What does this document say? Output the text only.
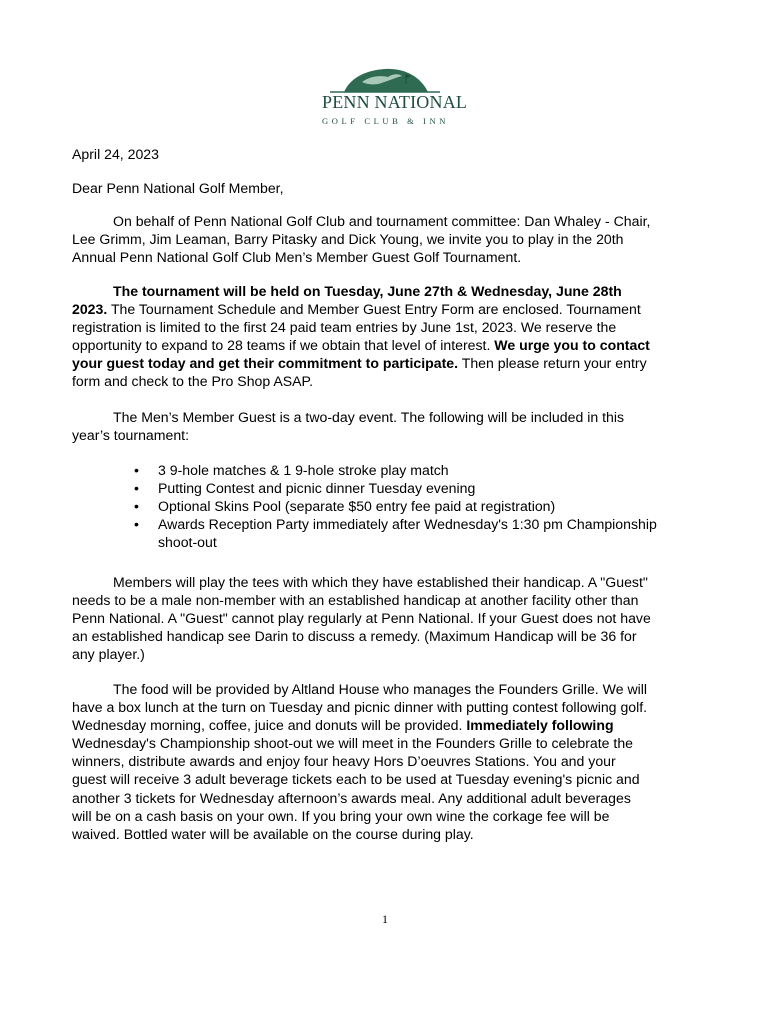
PENN NATIONAL
GOLF CLUB & INN
April 24, 2023
Dear Penn National Golf Member,
On behalf of Penn National Golf Club and tournament committee: Dan Whaley - Chair,
Lee Grimm, Jim Leaman, Barry Pitasky and Dick Young, we invite you to play in the 20th
Annual Penn National Golf Club Men’s Member Guest Golf Tournament.
The tournament will be held on Tuesday, June 27th & Wednesday, June 28th
2023. The Tournament Schedule and Member Guest Entry Form are enclosed. Tournament
registration is limited to the first 24 paid team entries by June 1st, 2023. We reserve the
opportunity to expand to 28 teams if we obtain that level of interest. We urge you to contact
your guest today and get their commitment to participate. Then please return your entry
form and check to the Pro Shop ASAP.
The Men’s Member Guest is a two-day event. The following will be included in this
year’s tournament:
• 3 9-hole matches & 1 9-hole stroke play match
• Putting Contest and picnic dinner Tuesday evening
• Optional Skins Pool (separate $50 entry fee paid at registration)
• Awards Reception Party immediately after Wednesday's 1:30 pm Championship
shoot-out
Members will play the tees with which they have established their handicap. A "Guest"
needs to be a male non-member with an established handicap at another facility other than
Penn National. A "Guest" cannot play regularly at Penn National. If your Guest does not have
an established handicap see Darin to discuss a remedy. (Maximum Handicap will be 36 for
any player.)
The food will be provided by Altland House who manages the Founders Grille. We will
have a box lunch at the turn on Tuesday and picnic dinner with putting contest following golf.
Wednesday morning, coffee, juice and donuts will be provided. Immediately following
Wednesday's Championship shoot-out we will meet in the Founders Grille to celebrate the
winners, distribute awards and enjoy four heavy Hors D’oeuvres Stations. You and your
guest will receive 3 adult beverage tickets each to be used at Tuesday evening's picnic and
another 3 tickets for Wednesday afternoon’s awards meal. Any additional adult beverages
will be on a cash basis on your own. If you bring your own wine the corkage fee will be
waived. Bottled water will be available on the course during play.
1
